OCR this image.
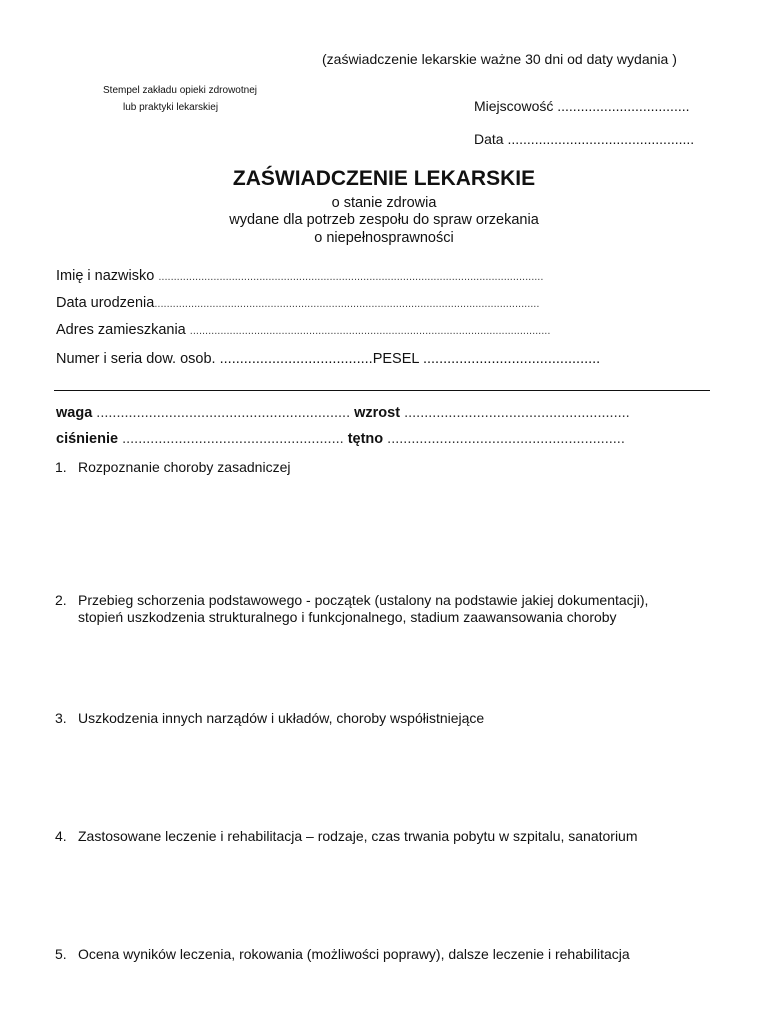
(zaświadczenie lekarskie ważne 30 dni od daty wydania )
Stempel zakładu opieki zdrowotnej
lub praktyki lekarskiej	Miejscowość ..................................
Data ................................................
ZAŚWIADCZENIE LEKARSKIE
o stanie zdrowia
wydane dla potrzeb zespołu do spraw orzekania
o niepełnosprawności
Imię i nazwisko ..............................................................................................................................
Data urodzenia..............................................................................................................................
Adres zamieszkania ......................................................................................................................
Numer i seria dow. osob. ......................................PESEL ............................................
waga ............................................................... wzrost ........................................................
ciśnienie ....................................................... tętno ...........................................................
1. Rozpoznanie choroby zasadniczej
2. Przebieg schorzenia podstawowego - początek (ustalony na podstawie jakiej dokumentacji),
stopień uszkodzenia strukturalnego i funkcjonalnego, stadium zaawansowania choroby
3. Uszkodzenia innych narządów i układów, choroby współistniejące
4. Zastosowane leczenie i rehabilitacja – rodzaje, czas trwania pobytu w szpitalu, sanatorium
5. Ocena wyników leczenia, rokowania (możliwości poprawy), dalsze leczenie i rehabilitacja
